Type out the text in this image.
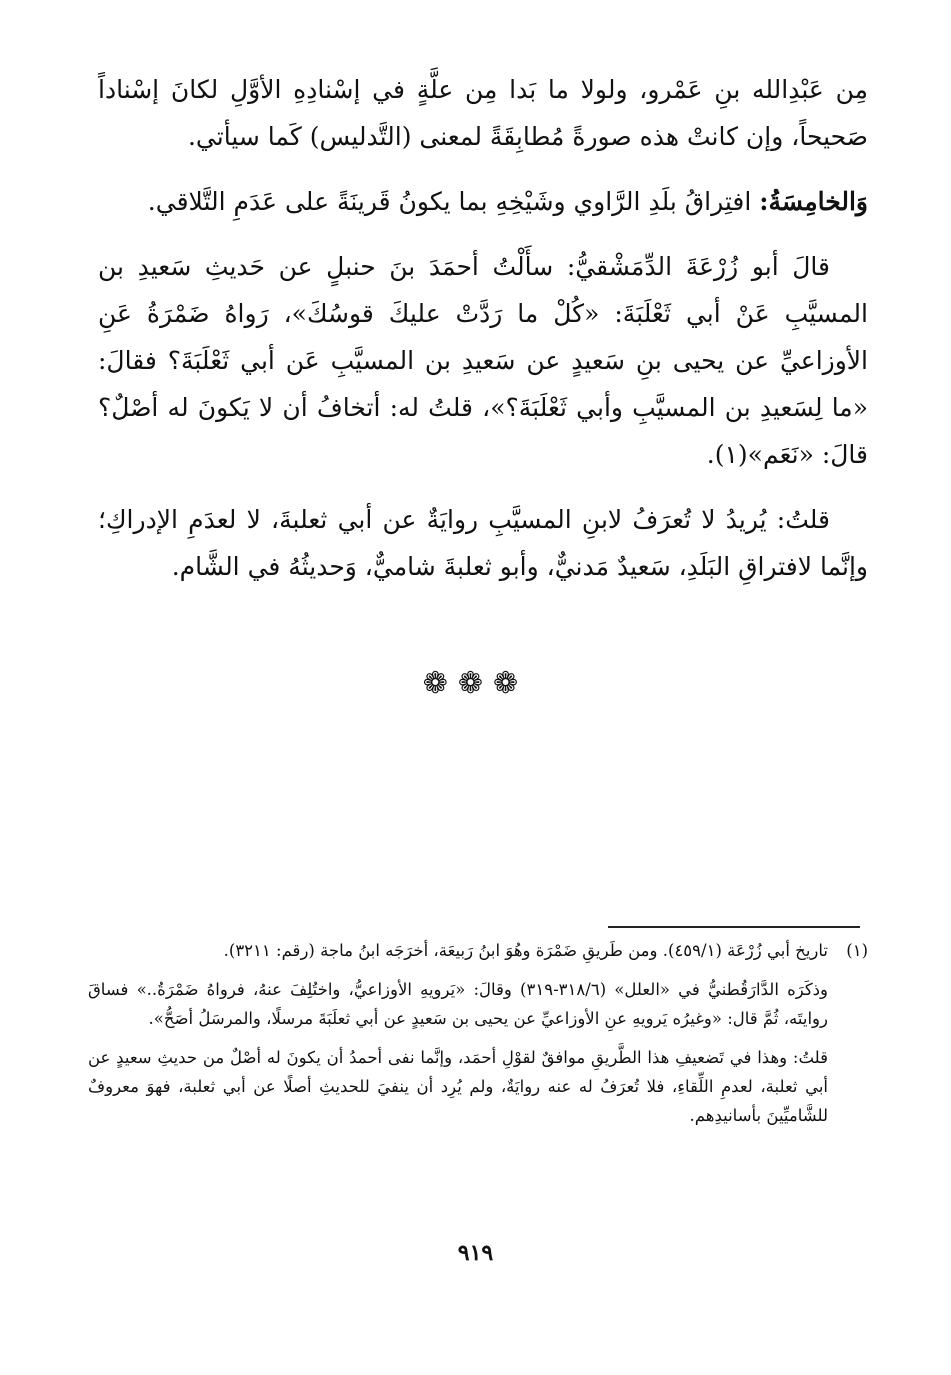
مِن عَبْدِالله بنِ عَمْرو، ولولا ما بَدا مِن علَّةٍ في إسْنادِهِ الأوَّلِ لكانَ إسْناداً صَحيحاً، وإن كانتْ هذه صورةً مُطابِقَةً لمعنى (التَّدليس) كَما سيأتي.

وَالخامِسَةُ: افتِراقُ بلَدِ الرَّاوي وشَيْخِهِ بما يكونُ قَرينَةً على عَدَمِ التَّلاقي.

قالَ أبو زُرْعَةَ الدِّمَشْقيُّ: سأَلْتُ أحمَدَ بنَ حنبلٍ عن حَديثِ سَعيدِ بن المسيَّبِ عَنْ أبي ثَعْلَبَةَ: «كُلْ ما رَدَّتْ عليكَ قوسُكَ»، رَواهُ ضَمْرَةُ عَنِ الأوزاعيِّ عن يحيى بنِ سَعيدٍ عن سَعيدِ بن المسيَّبِ عَن أبي ثَعْلَبَةَ؟ فقالَ: «ما لِسَعيدِ بن المسيَّبِ وأبي ثَعْلَبَةَ؟»، قلتُ له: أتخافُ أن لا يَكونَ له أصْلٌ؟ قالَ: «نَعَم»(١).

قلتُ: يُريدُ لا تُعرَفُ لابنِ المسيَّبِ روايَةٌ عن أبي ثعلبةَ، لا لعدَمِ الإدراكِ؛ وإنَّما لافتراقِ البَلَدِ، سَعيدٌ مَدنيٌّ، وأبو ثعلبةَ شاميٌّ، وَحديثُهُ في الشَّام.

❁❁❁

(١)تاريخ أبي زُرْعَة (٤٥٩/١). ومن طَريقِ ضَمْرَة وهُوَ ابنُ رَبيعَة، أخرَجَه ابنُ ماجة (رقم: ٣٢١١).

وذكَرَه الدَّارَقُطنيُّ في «العلل» (٣١٨/٦-٣١٩) وقالَ: «يَرويهِ الأوزاعيُّ، واختُلِفَ عنهُ، فرواهُ ضَمْرَةُ..» فساقَ روايتَه، ثُمَّ قال: «وغيرُه يَرويهِ عنِ الأوزاعيِّ عن يحيى بن سَعيدٍ عن أبي ثعلَبَةَ مرسلًا، والمرسَلُ أصَحُّ».

قلتُ: وهذا في تَضعيفِ هذا الطَّريقِ موافقٌ لقوْلِ أحمَد، وإنَّما نفى أحمدُ أن يكونَ له أصْلٌ من حديثِ سعيدٍ عن أبي ثعلبة، لعدمِ اللِّقاءِ، فلا تُعرَفُ له عنه روايَةٌ، ولم يُرِد أن ينفيَ للحديثِ أصلًا عن أبي ثعلبة، فهوَ معروفٌ للشَّاميِّينَ بأسانيدِهم.

٩١٩
